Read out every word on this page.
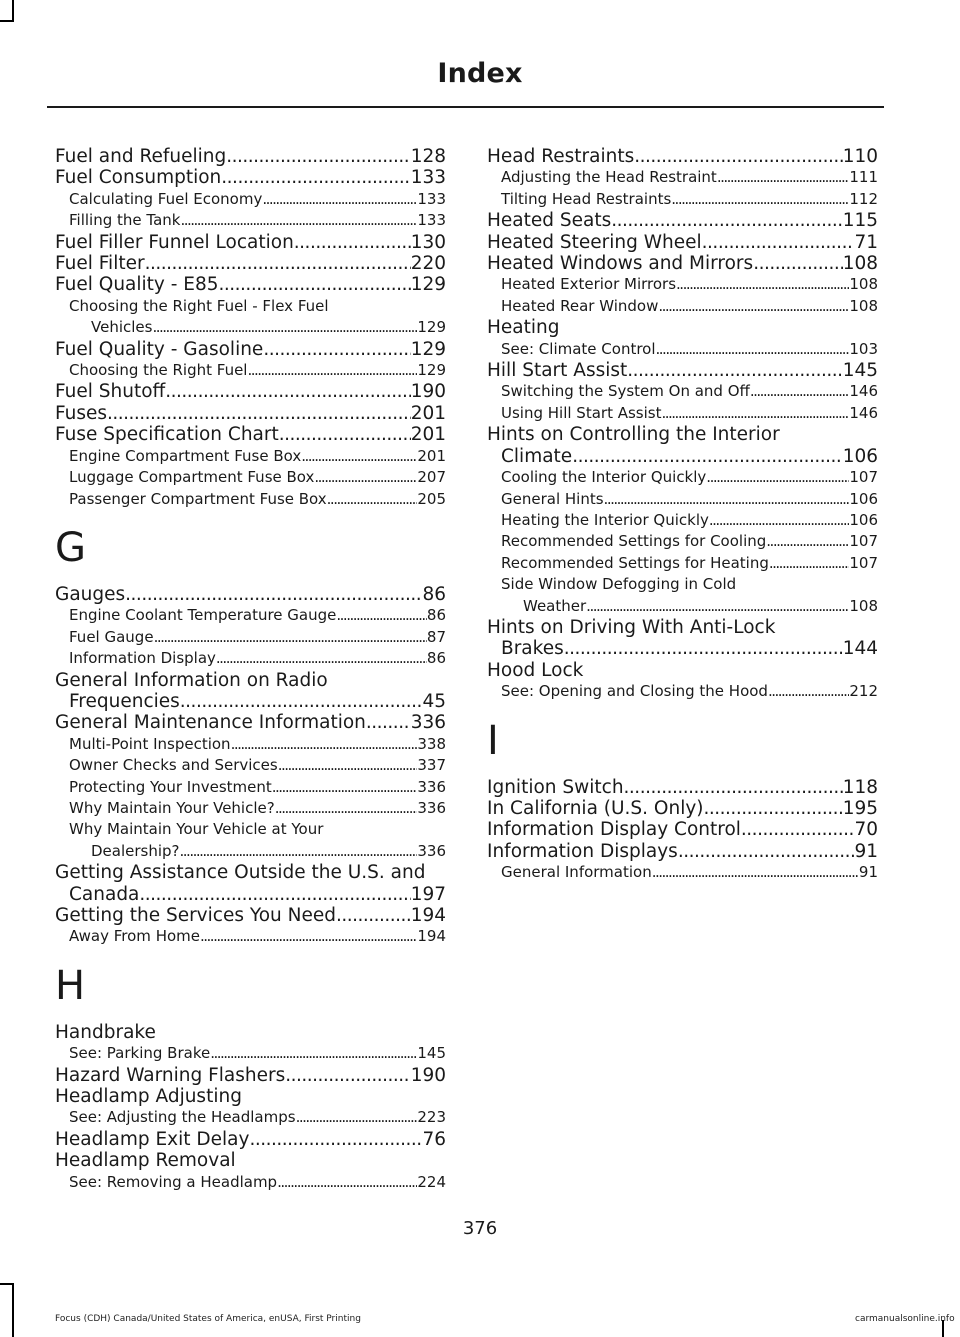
Index
Fuel and Refueling .....	128
Fuel Consumption .....	133
Calculating Fuel Economy .....	133
Filling the Tank .....	133
Fuel Filler Funnel Location .....	130
Fuel Filter .....	220
Fuel Quality - E85 .....	129
Choosing the Right Fuel - Flex Fuel
Vehicles .....	129
Fuel Quality - Gasoline .....	129
Choosing the Right Fuel .....	129
Fuel Shutoff .....	190
Fuses .....	201
Fuse Specification Chart .....	201
Engine Compartment Fuse Box .....	201
Luggage Compartment Fuse Box .....	207
Passenger Compartment Fuse Box .....	205
G
Gauges .....	86
Engine Coolant Temperature Gauge .....	86
Fuel Gauge .....	87
Information Display .....	86
General Information on Radio
Frequencies .....	45
General Maintenance Information ..... 336
Multi-Point Inspection .....	338
Owner Checks and Services .....	337
Protecting Your Investment .....	336
Why Maintain Your Vehicle? .....	336
Why Maintain Your Vehicle at Your
Dealership? .....	336
Getting Assistance Outside the U.S. and
Canada .....	197
Getting the Services You Need .....	194
Away From Home .....	194
H
Handbrake
See: Parking Brake .....	145
Hazard Warning Flashers .....	190
Headlamp Adjusting
See: Adjusting the Headlamps .....	223
Headlamp Exit Delay .....	76
Headlamp Removal
See: Removing a Headlamp .....	224
Head Restraints .....	110
Adjusting the Head Restraint .....	111
Tilting Head Restraints .....	112
Heated Seats .....	115
Heated Steering Wheel .....	71
Heated Windows and Mirrors .....	108
Heated Exterior Mirrors .....	108
Heated Rear Window .....	108
Heating
See: Climate Control .....	103
Hill Start Assist .....	145
Switching the System On and Off .....	146
Using Hill Start Assist .....	146
Hints on Controlling the Interior
Climate .....	106
Cooling the Interior Quickly .....	107
General Hints .....	106
Heating the Interior Quickly .....	106
Recommended Settings for Cooling .....	107
Recommended Settings for Heating .....	107
Side Window Defogging in Cold
Weather .....	108
Hints on Driving With Anti-Lock
Brakes .....	144
Hood Lock
See: Opening and Closing the Hood .....	212
I
Ignition Switch .....	118
In California (U.S. Only) .....	195
Information Display Control .....	70
Information Displays .....	91
General Information .....	91
376
Focus (CDH) Canada/United States of America, enUSA, First Printing	carmanualsonline.info
